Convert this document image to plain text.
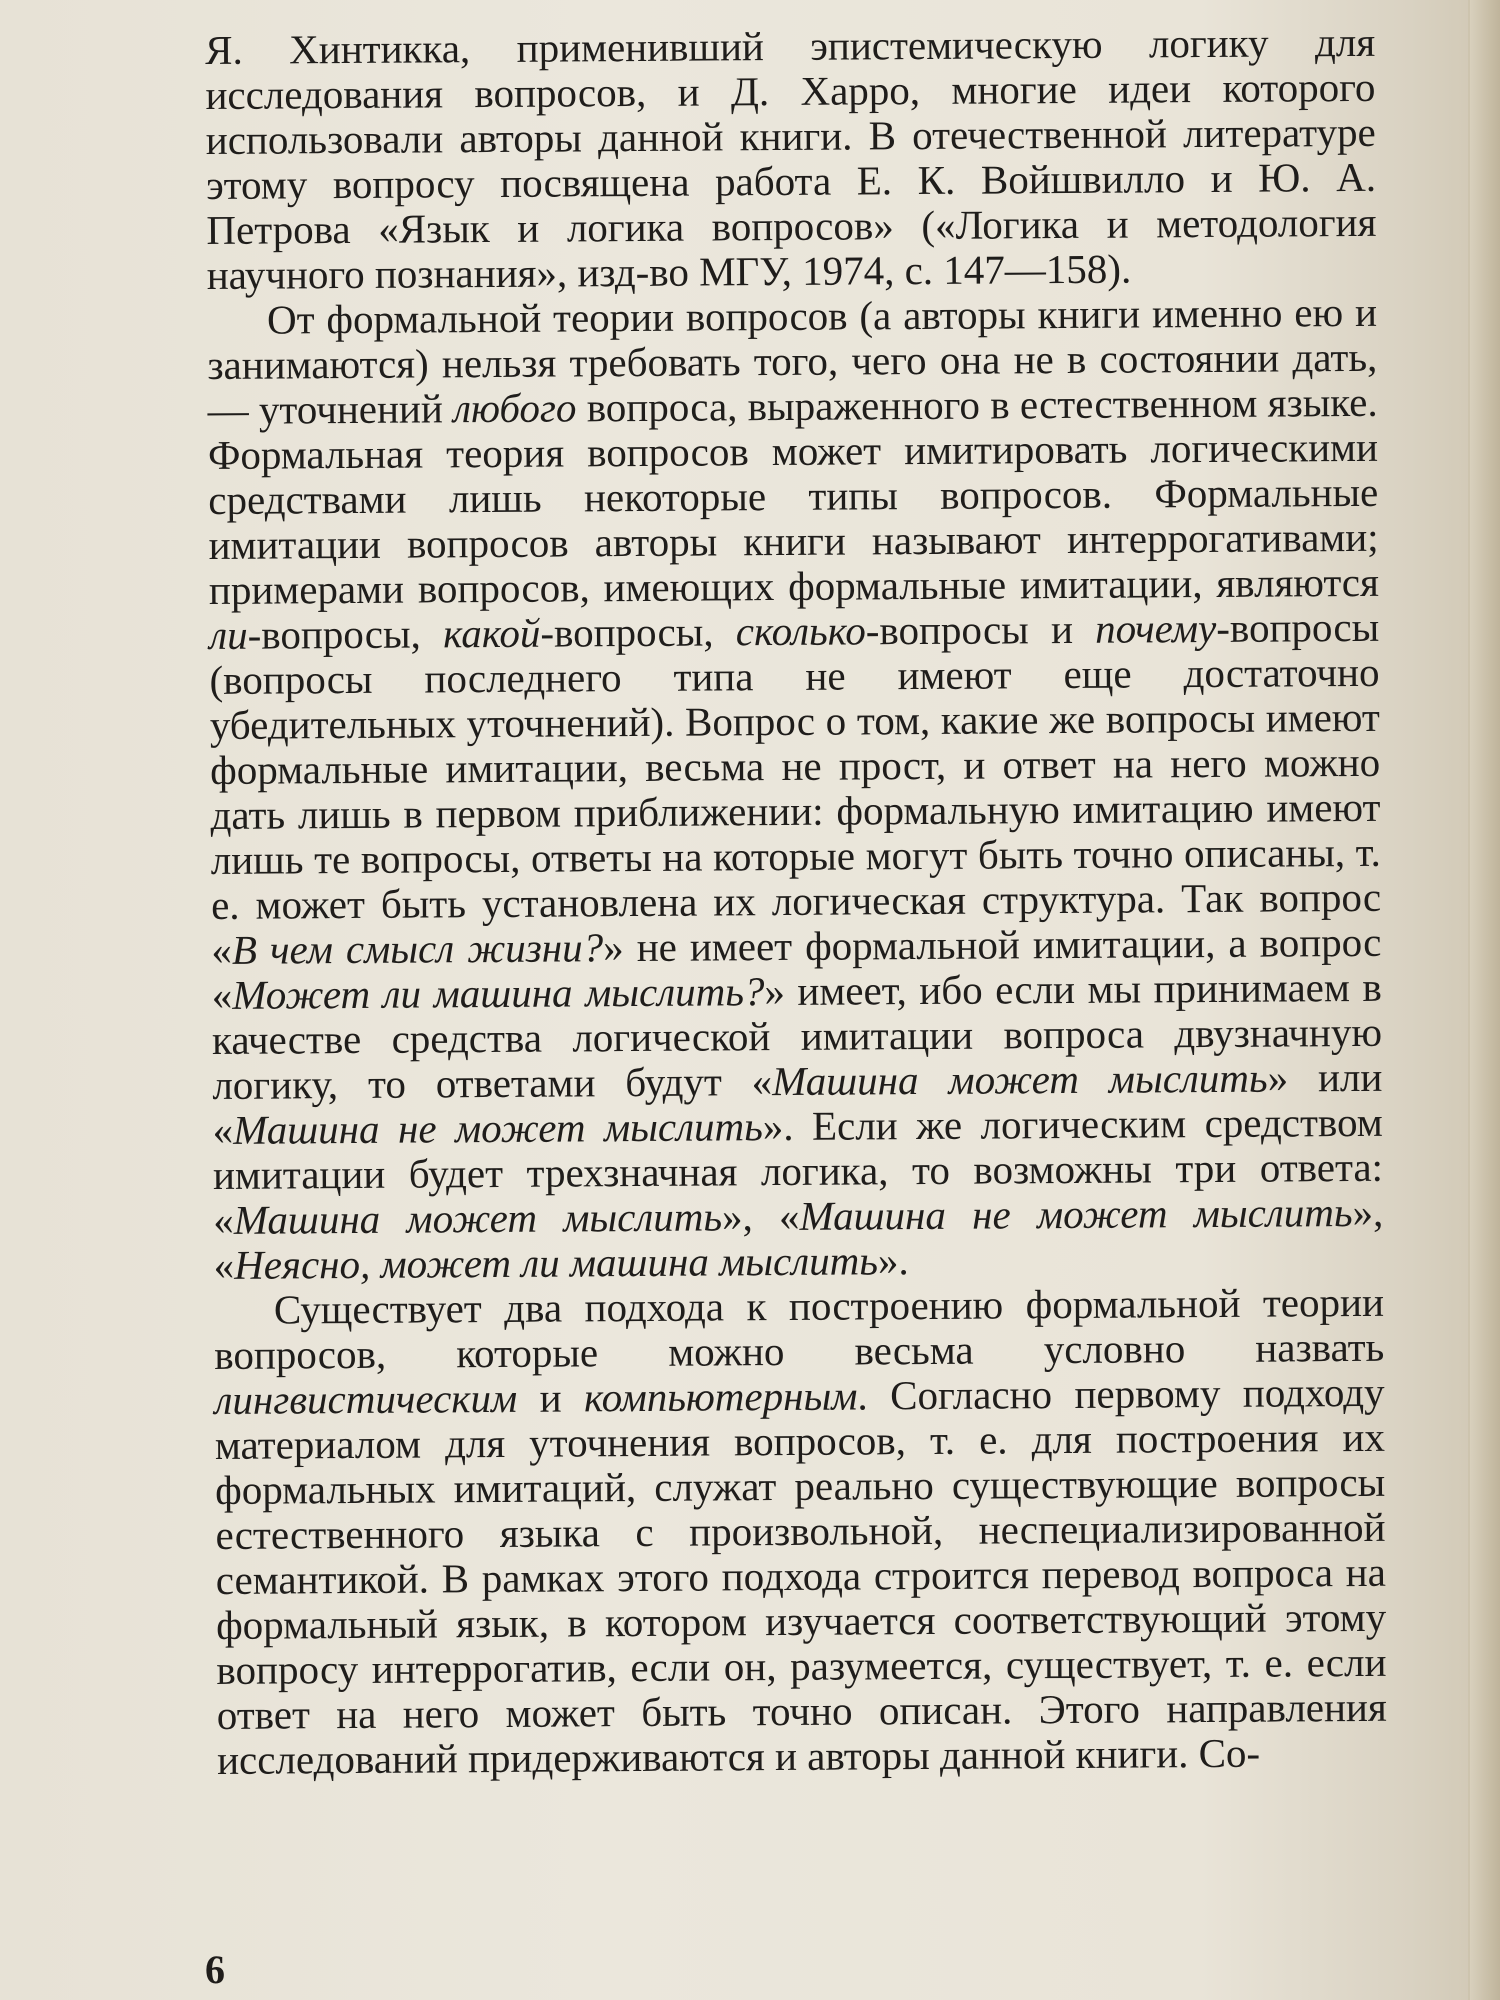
Я. Хинтикка, применивший эпистемическую логику для исследования вопросов, и Д. Харро, многие идеи которого использовали авторы данной книги. В отечественной литературе этому вопросу посвящена работа Е. К. Войшвилло и Ю. А. Петрова «Язык и логика вопросов» («Логика и методология научного познания», изд-во МГУ, 1974, с. 147—158).

От формальной теории вопросов (а авторы книги именно ею и занимаются) нельзя требовать того, чего она не в состоянии дать,— уточнений любого вопроса, выраженного в естественном языке. Формальная теория вопросов может имитировать логическими средствами лишь некоторые типы вопросов. Формальные имитации вопросов авторы книги называют интеррогативами; примерами вопросов, имеющих формальные имитации, являются ли-вопросы, какой-вопросы, сколько-вопросы и почему-вопросы (вопросы последнего типа не имеют еще достаточно убедительных уточнений). Вопрос о том, какие же вопросы имеют формальные имитации, весьма не прост, и ответ на него можно дать лишь в первом приближении: формальную имитацию имеют лишь те вопросы, ответы на которые могут быть точно описаны, т. е. может быть установлена их логическая структура. Так вопрос «В чем смысл жизни?» не имеет формальной имитации, а вопрос «Может ли машина мыслить?» имеет, ибо если мы принимаем в качестве средства логической имитации вопроса двузначную логику, то ответами будут «Машина может мыслить» или «Машина не может мыслить». Если же логическим средством имитации будет трехзначная логика, то возможны три ответа: «Машина может мыслить», «Машина не может мыслить», «Неясно, может ли машина мыслить».

Существует два подхода к построению формальной теории вопросов, которые можно весьма условно назвать лингвистическим и компьютерным. Согласно первому подходу материалом для уточнения вопросов, т. е. для построения их формальных имитаций, служат реально существующие вопросы естественного языка с произвольной, неспециализированной семантикой. В рамках этого подхода строится перевод вопроса на формальный язык, в котором изучается соответствующий этому вопросу интеррогатив, если он, разумеется, существует, т. е. если ответ на него может быть точно описан. Этого направления исследований придерживаются и авторы данной книги. Со-

6
